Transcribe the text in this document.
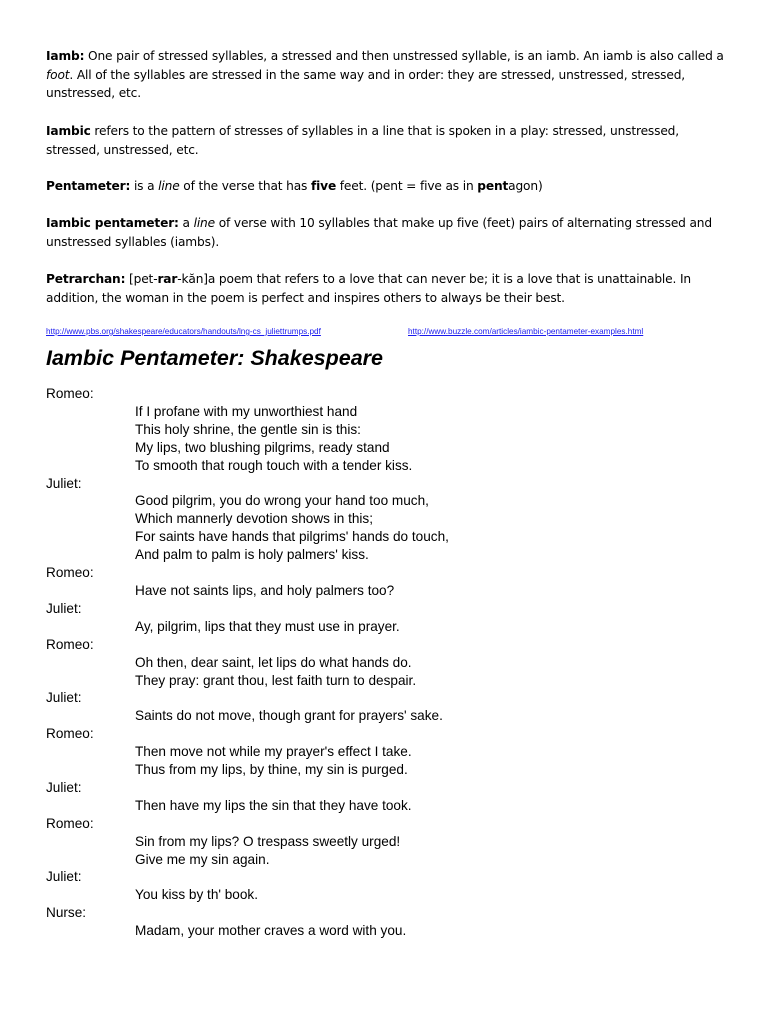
Iamb: One pair of stressed syllables, a stressed and then unstressed syllable, is an iamb. An iamb is also called a foot. All of the syllables are stressed in the same way and in order: they are stressed, unstressed, stressed, unstressed, etc.

Iambic refers to the pattern of stresses of syllables in a line that is spoken in a play: stressed, unstressed, stressed, unstressed, etc.

Pentameter: is a line of the verse that has five feet. (pent = five as in pentagon)

Iambic pentameter: a line of verse with 10 syllables that make up five (feet) pairs of alternating stressed and unstressed syllables (iambs).

Petrarchan: [pet-rar-kăn]a poem that refers to a love that can never be; it is a love that is unattainable. In addition, the woman in the poem is perfect and inspires others to always be their best.

http://www.pbs.org/shakespeare/educators/handouts/lng-cs_juliettrumps.pdf	http://www.buzzle.com/articles/iambic-pentameter-examples.html
Iambic Pentameter: Shakespeare

Romeo:

If I profane with my unworthiest hand

This holy shrine, the gentle sin is this:

My lips, two blushing pilgrims, ready stand

To smooth that rough touch with a tender kiss.

Juliet:

Good pilgrim, you do wrong your hand too much,

Which mannerly devotion shows in this;

For saints have hands that pilgrims' hands do touch,

And palm to palm is holy palmers' kiss.

Romeo:

Have not saints lips, and holy palmers too?

Juliet:

Ay, pilgrim, lips that they must use in prayer.

Romeo:

Oh then, dear saint, let lips do what hands do.

They pray: grant thou, lest faith turn to despair.

Juliet:

Saints do not move, though grant for prayers' sake.

Romeo:

Then move not while my prayer's effect I take.

Thus from my lips, by thine, my sin is purged.

Juliet:

Then have my lips the sin that they have took.

Romeo:

Sin from my lips? O trespass sweetly urged!

Give me my sin again.

Juliet:

You kiss by th' book.

Nurse:

Madam, your mother craves a word with you.
